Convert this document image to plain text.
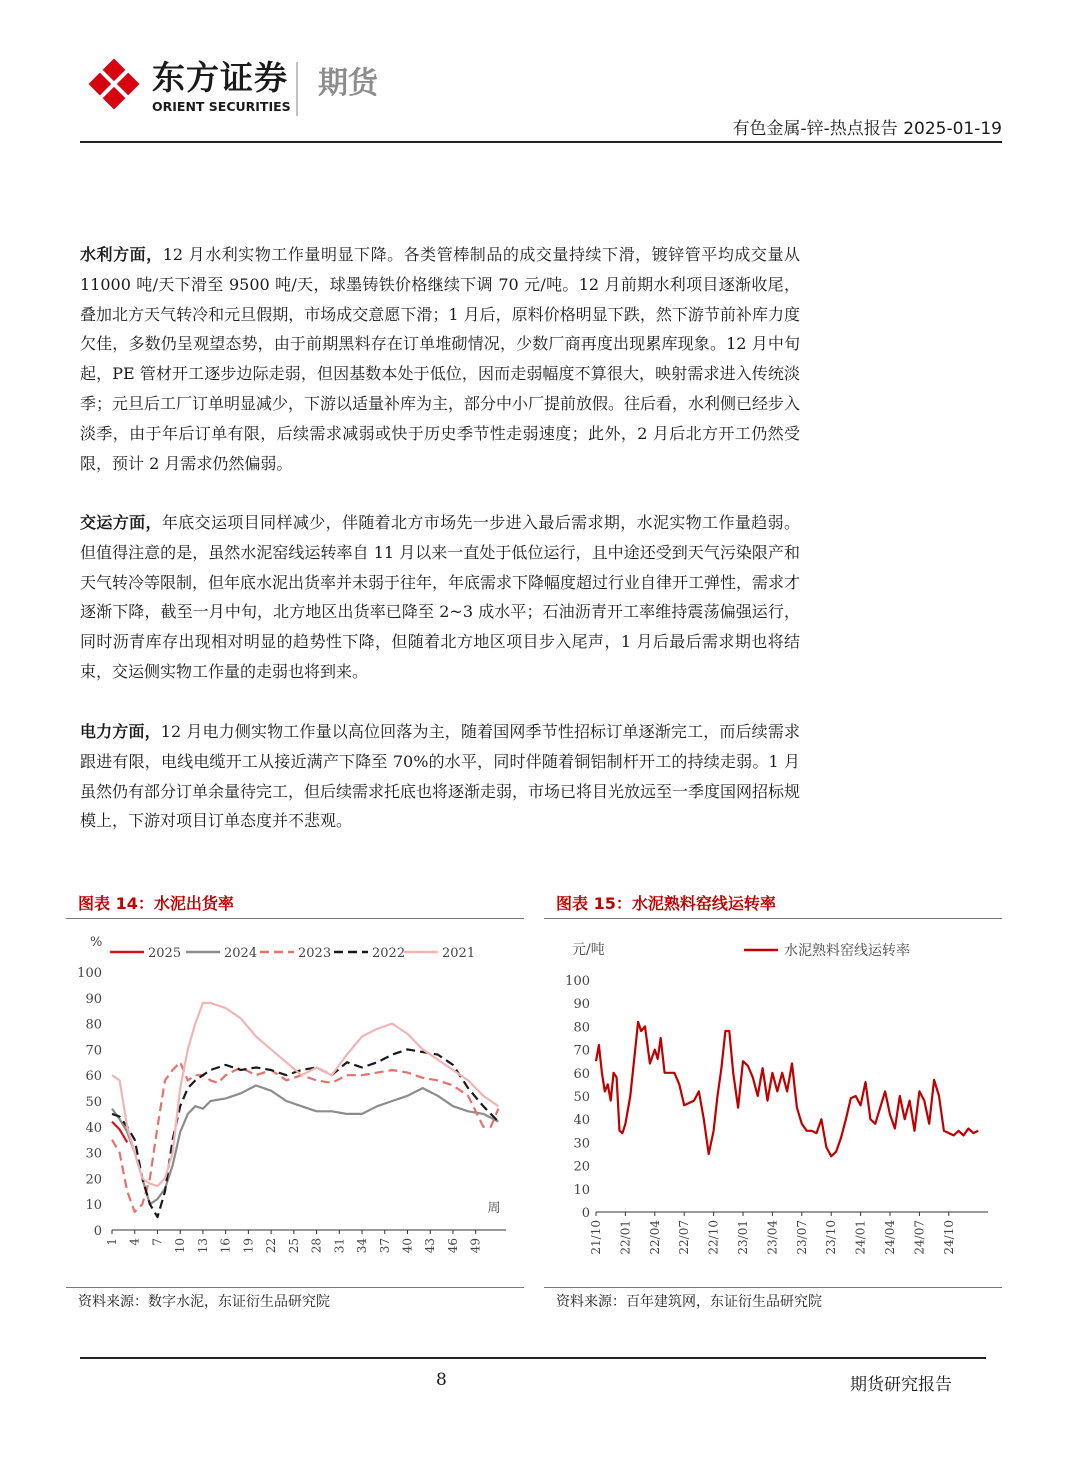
东方证券
ORIENT SECURITIES
期货
有色金属-锌-热点报告 2025-01-19

水利方面，12 月水利实物工作量明显下降。各类管棒制品的成交量持续下滑，镀锌管平均成交量从 11000 吨/天下滑至 9500 吨/天，球墨铸铁价格继续下调 70 元/吨。12 月前期水利项目逐渐收尾，叠加北方天气转冷和元旦假期，市场成交意愿下滑；1 月后，原料价格明显下跌，然下游节前补库力度欠佳，多数仍呈观望态势，由于前期黑料存在订单堆砌情况，少数厂商再度出现累库现象。12 月中旬起，PE 管材开工逐步边际走弱，但因基数本处于低位，因而走弱幅度不算很大，映射需求进入传统淡季；元旦后工厂订单明显减少，下游以适量补库为主，部分中小厂提前放假。往后看，水利侧已经步入淡季，由于年后订单有限，后续需求减弱或快于历史季节性走弱速度；此外，2 月后北方开工仍然受限，预计 2 月需求仍然偏弱。

交运方面，年底交运项目同样减少，伴随着北方市场先一步进入最后需求期，水泥实物工作量趋弱。但值得注意的是，虽然水泥窑线运转率自 11 月以来一直处于低位运行，且中途还受到天气污染限产和天气转冷等限制，但年底水泥出货率并未弱于往年，年底需求下降幅度超过行业自律开工弹性，需求才逐渐下降，截至一月中旬，北方地区出货率已降至 2~3 成水平；石油沥青开工率维持震荡偏强运行，同时沥青库存出现相对明显的趋势性下降，但随着北方地区项目步入尾声，1 月后最后需求期也将结束，交运侧实物工作量的走弱也将到来。

电力方面，12 月电力侧实物工作量以高位回落为主，随着国网季节性招标订单逐渐完工，而后续需求跟进有限，电线电缆开工从接近满产下降至 70%的水平，同时伴随着铜铝制杆开工的持续走弱。1 月虽然仍有部分订单余量待完工，但后续需求托底也将逐渐走弱，市场已将目光放远至一季度国网招标规模上，下游对项目订单态度并不悲观。

图表 14：水泥出货率
%
0
10
20
30
40
50
60
70
80
90
100
1 4 7 10 13 16 19 22 25 28 31 34 37 40 43 46 49
周
2025	2024	2023	2022	2021
资料来源：数字水泥，东证衍生品研究院
图表 15：水泥熟料窑线运转率
元/吨
0
10
20
30
40
50
60
70
80
90
100
21/10 22/01 22/04 22/07 22/10 23/01 23/04 23/07 23/10 24/01 24/04 24/07 24/10
水泥熟料窑线运转率
资料来源：百年建筑网，东证衍生品研究院
8	期货研究报告
